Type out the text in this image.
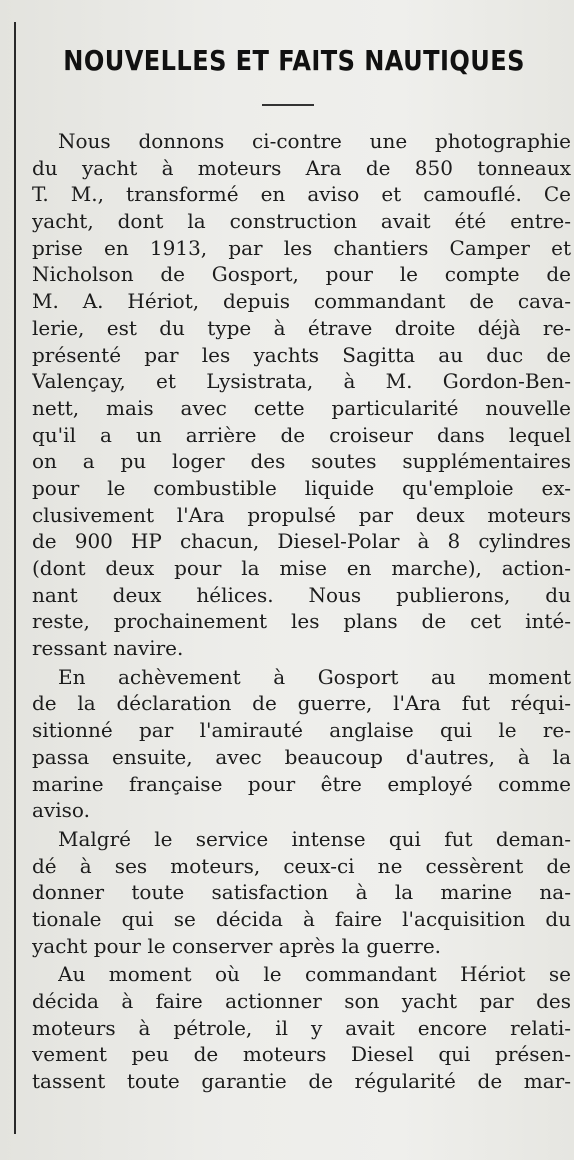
NOUVELLES ET FAITS NAUTIQUES
Nous donnons ci-contre une photographie
du yacht à moteurs Ara de 850 tonneaux
T. M., transformé en aviso et camouflé. Ce
yacht, dont la construction avait été entre-
prise en 1913, par les chantiers Camper et
Nicholson de Gosport, pour le compte de
M. A. Hériot, depuis commandant de cava-
lerie, est du type à étrave droite déjà re-
présenté par les yachts Sagitta au duc de
Valençay, et Lysistrata, à M. Gordon-Ben-
nett, mais avec cette particularité nouvelle
qu'il a un arrière de croiseur dans lequel
on a pu loger des soutes supplémentaires
pour le combustible liquide qu'emploie ex-
clusivement l'Ara propulsé par deux moteurs
de 900 HP chacun, Diesel-Polar à 8 cylindres
(dont deux pour la mise en marche), action-
nant deux hélices. Nous publierons, du
reste, prochainement les plans de cet inté-
ressant navire.
En achèvement à Gosport au moment
de la déclaration de guerre, l'Ara fut réqui-
sitionné par l'amirauté anglaise qui le re-
passa ensuite, avec beaucoup d'autres, à la
marine française pour être employé comme
aviso.
Malgré le service intense qui fut deman-
dé à ses moteurs, ceux-ci ne cessèrent de
donner toute satisfaction à la marine na-
tionale qui se décida à faire l'acquisition du
yacht pour le conserver après la guerre.
Au moment où le commandant Hériot se
décida à faire actionner son yacht par des
moteurs à pétrole, il y avait encore relati-
vement peu de moteurs Diesel qui présen-
tassent toute garantie de régularité de mar-
